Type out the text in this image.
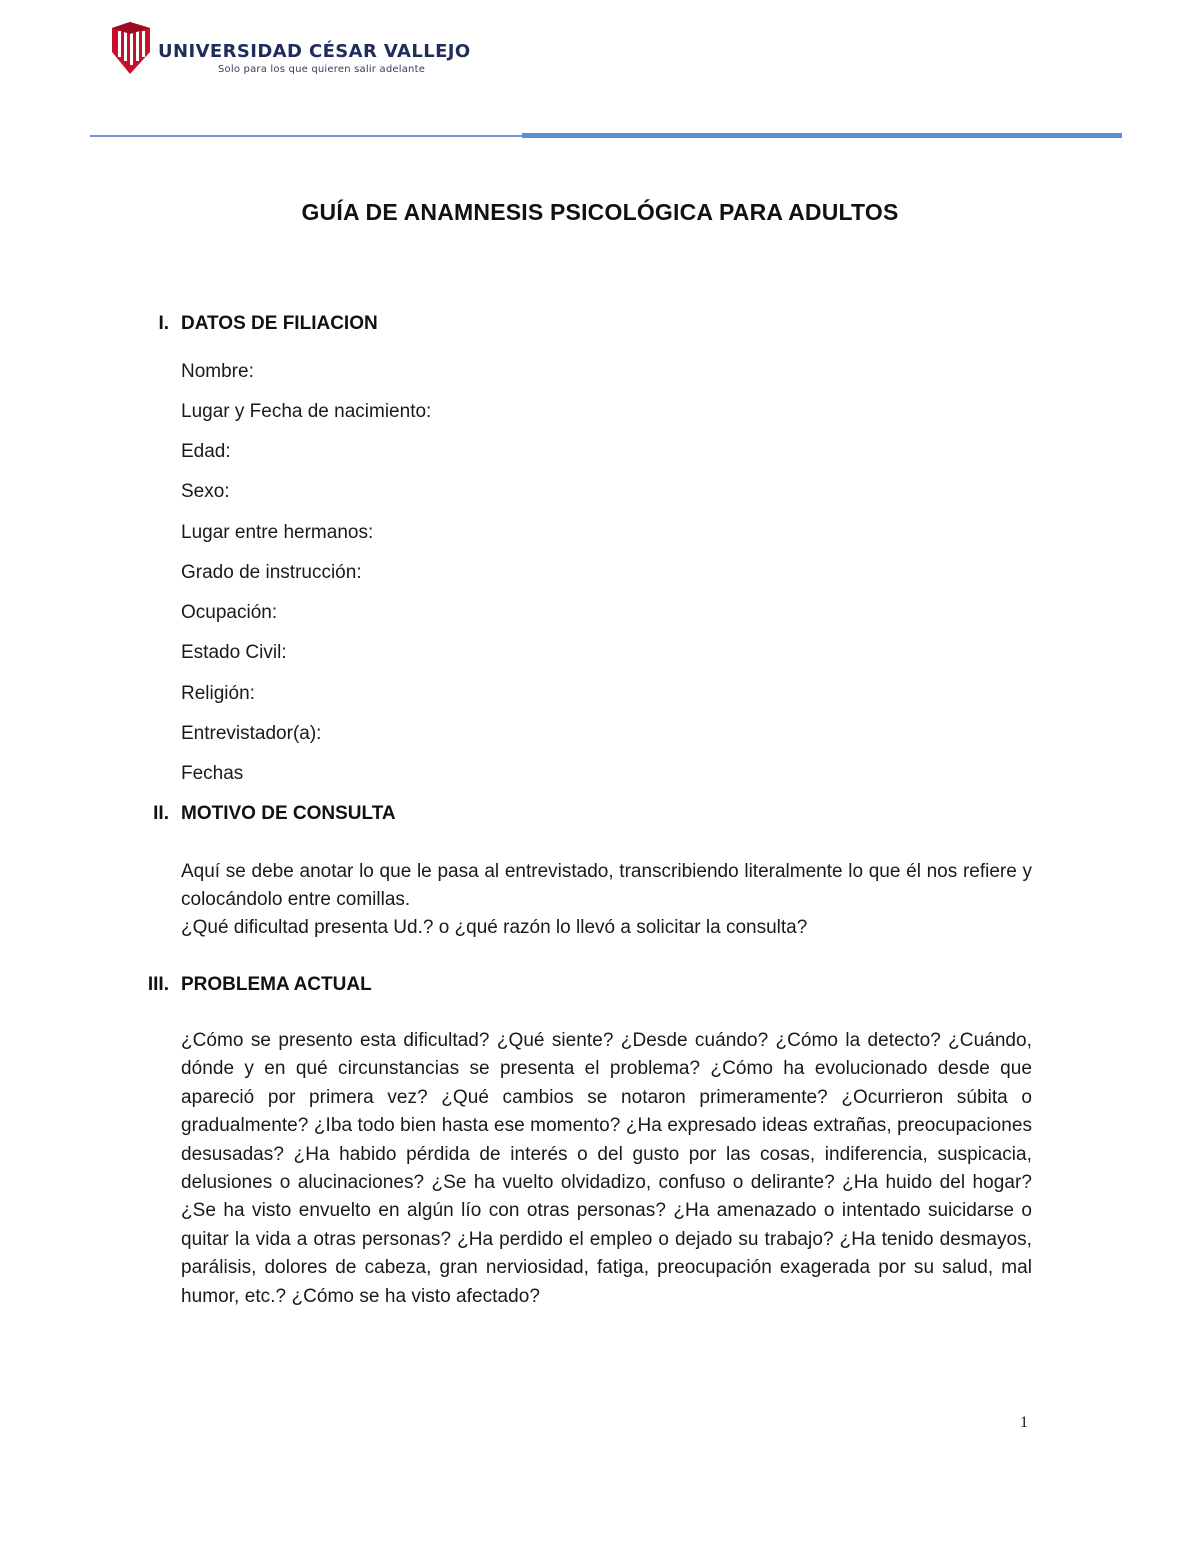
UNIVERSIDAD CÉSAR VALLEJO
Solo para los que quieren salir adelante
GUÍA DE ANAMNESIS PSICOLÓGICA PARA ADULTOS
I. DATOS DE FILIACION
Nombre:
Lugar y Fecha de nacimiento:
Edad:
Sexo:
Lugar entre hermanos:
Grado de instrucción:
Ocupación:
Estado Civil:
Religión:
Entrevistador(a):
Fechas
II. MOTIVO DE CONSULTA

Aquí se debe anotar lo que le pasa al entrevistado, transcribiendo literalmente lo que él nos refiere y colocándolo entre comillas.

¿Qué dificultad presenta Ud.? o ¿qué razón lo llevó a solicitar la consulta?

III. PROBLEMA ACTUAL

¿Cómo se presento esta dificultad? ¿Qué siente? ¿Desde cuándo? ¿Cómo la detecto? ¿Cuándo, dónde y en qué circunstancias se presenta el problema? ¿Cómo ha evolucionado desde que apareció por primera vez? ¿Qué cambios se notaron primeramente? ¿Ocurrieron súbita o gradualmente? ¿Iba todo bien hasta ese momento? ¿Ha expresado ideas extrañas, preocupaciones desusadas? ¿Ha habido pérdida de interés o del gusto por las cosas, indiferencia, suspicacia, delusiones o alucinaciones? ¿Se ha vuelto olvidadizo, confuso o delirante? ¿Ha huido del hogar? ¿Se ha visto envuelto en algún lío con otras personas? ¿Ha amenazado o intentado suicidarse o quitar la vida a otras personas? ¿Ha perdido el empleo o dejado su trabajo? ¿Ha tenido desmayos, parálisis, dolores de cabeza, gran nerviosidad, fatiga, preocupación exagerada por su salud, mal humor, etc.? ¿Cómo se ha visto afectado?

1
